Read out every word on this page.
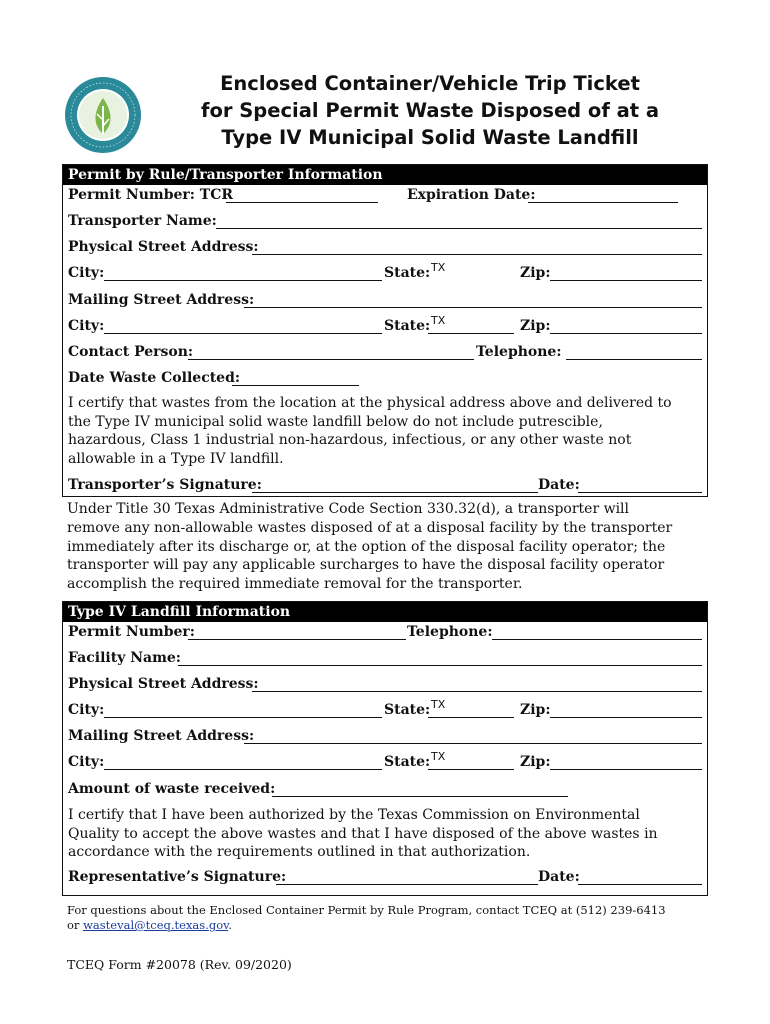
Enclosed Container/Vehicle Trip Ticket
for Special Permit Waste Disposed of at a
Type IV Municipal Solid Waste Landfill
Permit by Rule/Transporter Information
Permit Number: TCR	Expiration Date:
Transporter Name:
Physical Street Address:
City:	State: TX	Zip:
Mailing Street Address:
City:	State: TX	Zip:
Contact Person:	Telephone:
Date Waste Collected:
I certify that wastes from the location at the physical address above and delivered to
the Type IV municipal solid waste landfill below do not include putrescible,
hazardous, Class 1 industrial non-hazardous, infectious, or any other waste not
allowable in a Type IV landfill.
Transporter’s Signature:	Date:
Under Title 30 Texas Administrative Code Section 330.32(d), a transporter will
remove any non-allowable wastes disposed of at a disposal facility by the transporter
immediately after its discharge or, at the option of the disposal facility operator; the
transporter will pay any applicable surcharges to have the disposal facility operator
accomplish the required immediate removal for the transporter.
Type IV Landfill Information
Permit Number:	Telephone:
Facility Name:
Physical Street Address:
City:	State: TX	Zip:
Mailing Street Address:
City:	State: TX	Zip:
Amount of waste received:
I certify that I have been authorized by the Texas Commission on Environmental
Quality to accept the above wastes and that I have disposed of the above wastes in
accordance with the requirements outlined in that authorization.
Representative’s Signature:	Date:
For questions about the Enclosed Container Permit by Rule Program, contact TCEQ at (512) 239-6413
or wasteval@tceq.texas.gov.
TCEQ Form #20078 (Rev. 09/2020)
